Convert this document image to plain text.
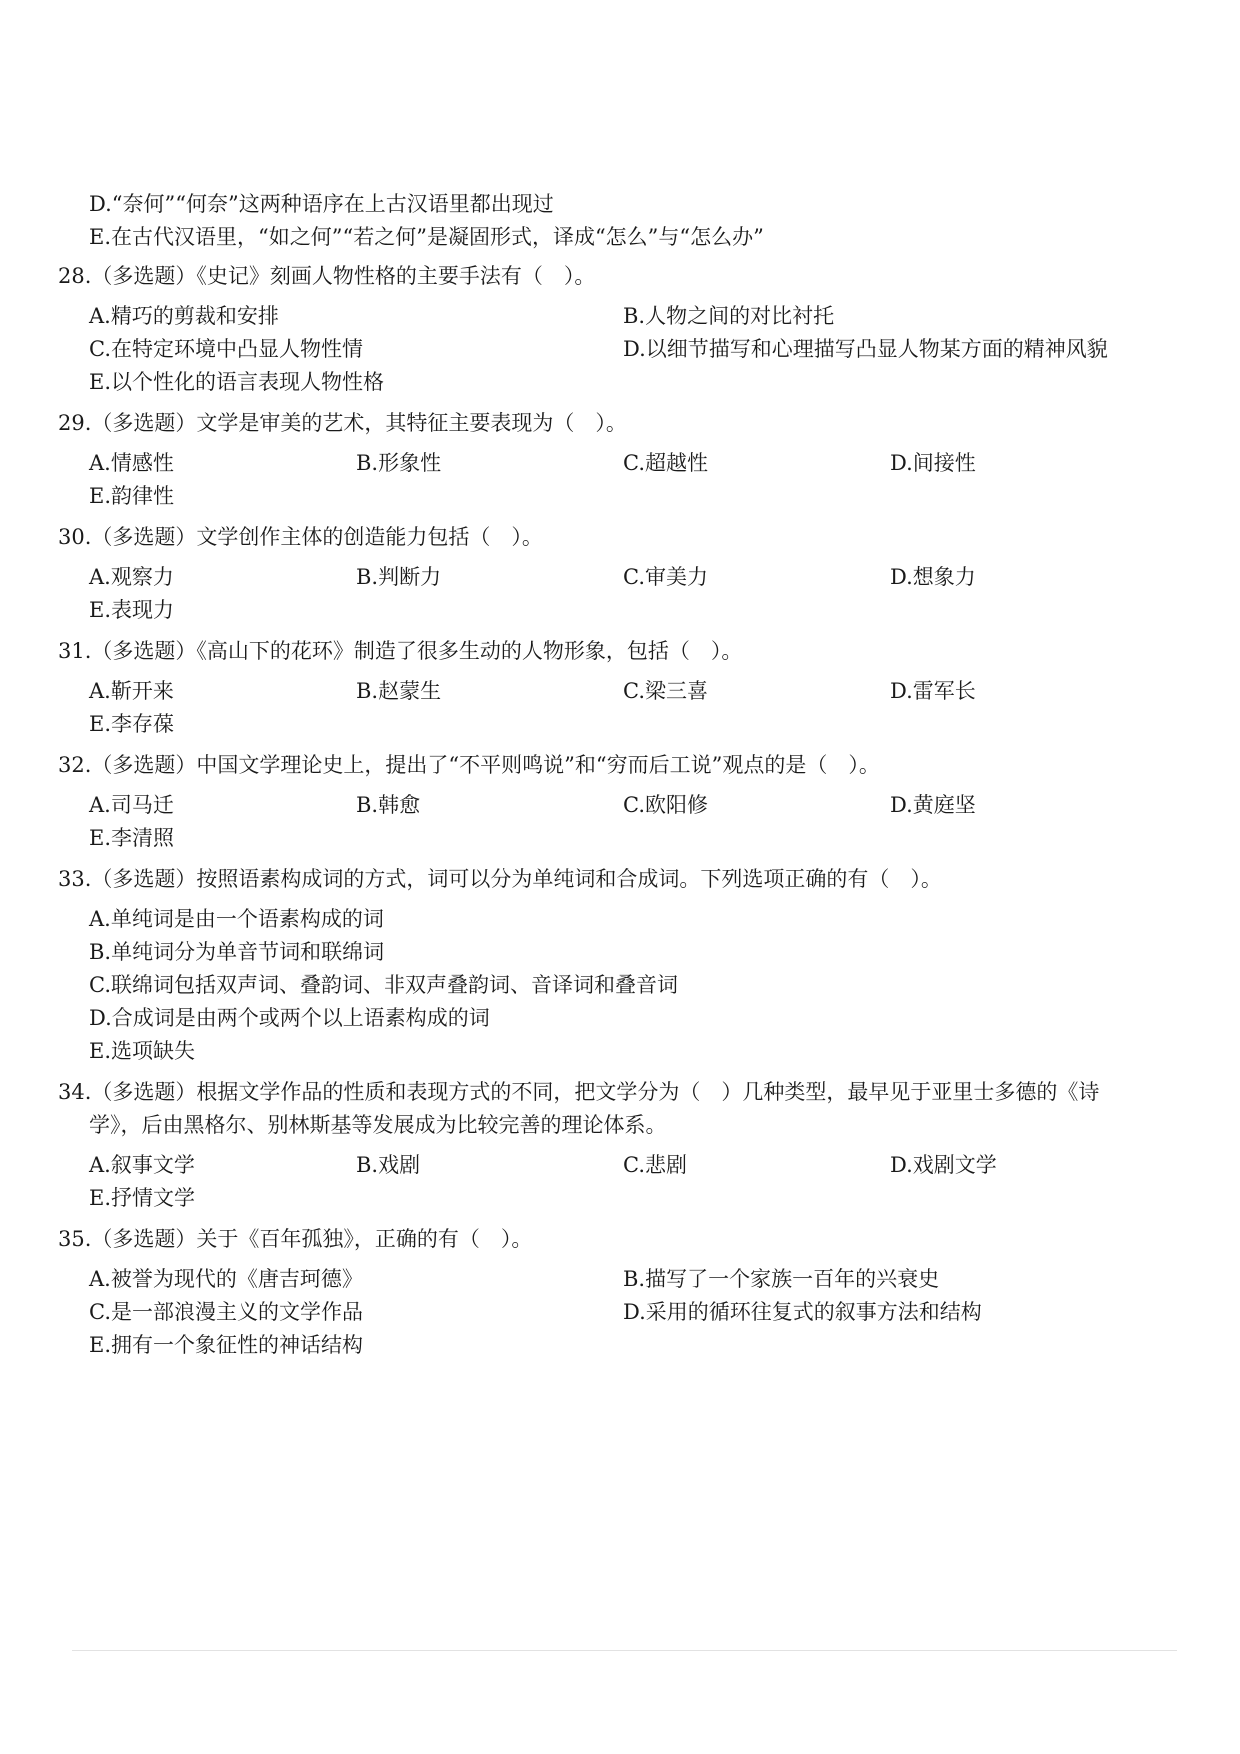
D.“奈何”“何奈”这两种语序在上古汉语里都出现过
E.在古代汉语里，“如之何”“若之何”是凝固形式，译成“怎么”与“怎么办”
28.（多选题）《史记》刻画人物性格的主要手法有（　）。
A.精巧的剪裁和安排	B.人物之间的对比衬托
C.在特定环境中凸显人物性情	D.以细节描写和心理描写凸显人物某方面的精神风貌
E.以个性化的语言表现人物性格
29.（多选题）文学是审美的艺术，其特征主要表现为（　）。
A.情感性	B.形象性	C.超越性	D.间接性
E.韵律性
30.（多选题）文学创作主体的创造能力包括（　）。
A.观察力	B.判断力	C.审美力	D.想象力
E.表现力
31.（多选题）《高山下的花环》制造了很多生动的人物形象，包括（　）。
A.靳开来	B.赵蒙生	C.梁三喜	D.雷军长
E.李存葆
32.（多选题）中国文学理论史上，提出了“不平则鸣说”和“穷而后工说”观点的是（　）。
A.司马迁	B.韩愈	C.欧阳修	D.黄庭坚
E.李清照
33.（多选题）按照语素构成词的方式，词可以分为单纯词和合成词。下列选项正确的有（　）。
A.单纯词是由一个语素构成的词
B.单纯词分为单音节词和联绵词
C.联绵词包括双声词、叠韵词、非双声叠韵词、音译词和叠音词
D.合成词是由两个或两个以上语素构成的词
E.选项缺失
34.（多选题）根据文学作品的性质和表现方式的不同，把文学分为（　）几种类型，最早见于亚里士多德的《诗
学》，后由黑格尔、别林斯基等发展成为比较完善的理论体系。
A.叙事文学	B.戏剧	C.悲剧	D.戏剧文学
E.抒情文学
35.（多选题）关于《百年孤独》，正确的有（　）。
A.被誉为现代的《唐吉珂德》	B.描写了一个家族一百年的兴衰史
C.是一部浪漫主义的文学作品	D.采用的循环往复式的叙事方法和结构
E.拥有一个象征性的神话结构
